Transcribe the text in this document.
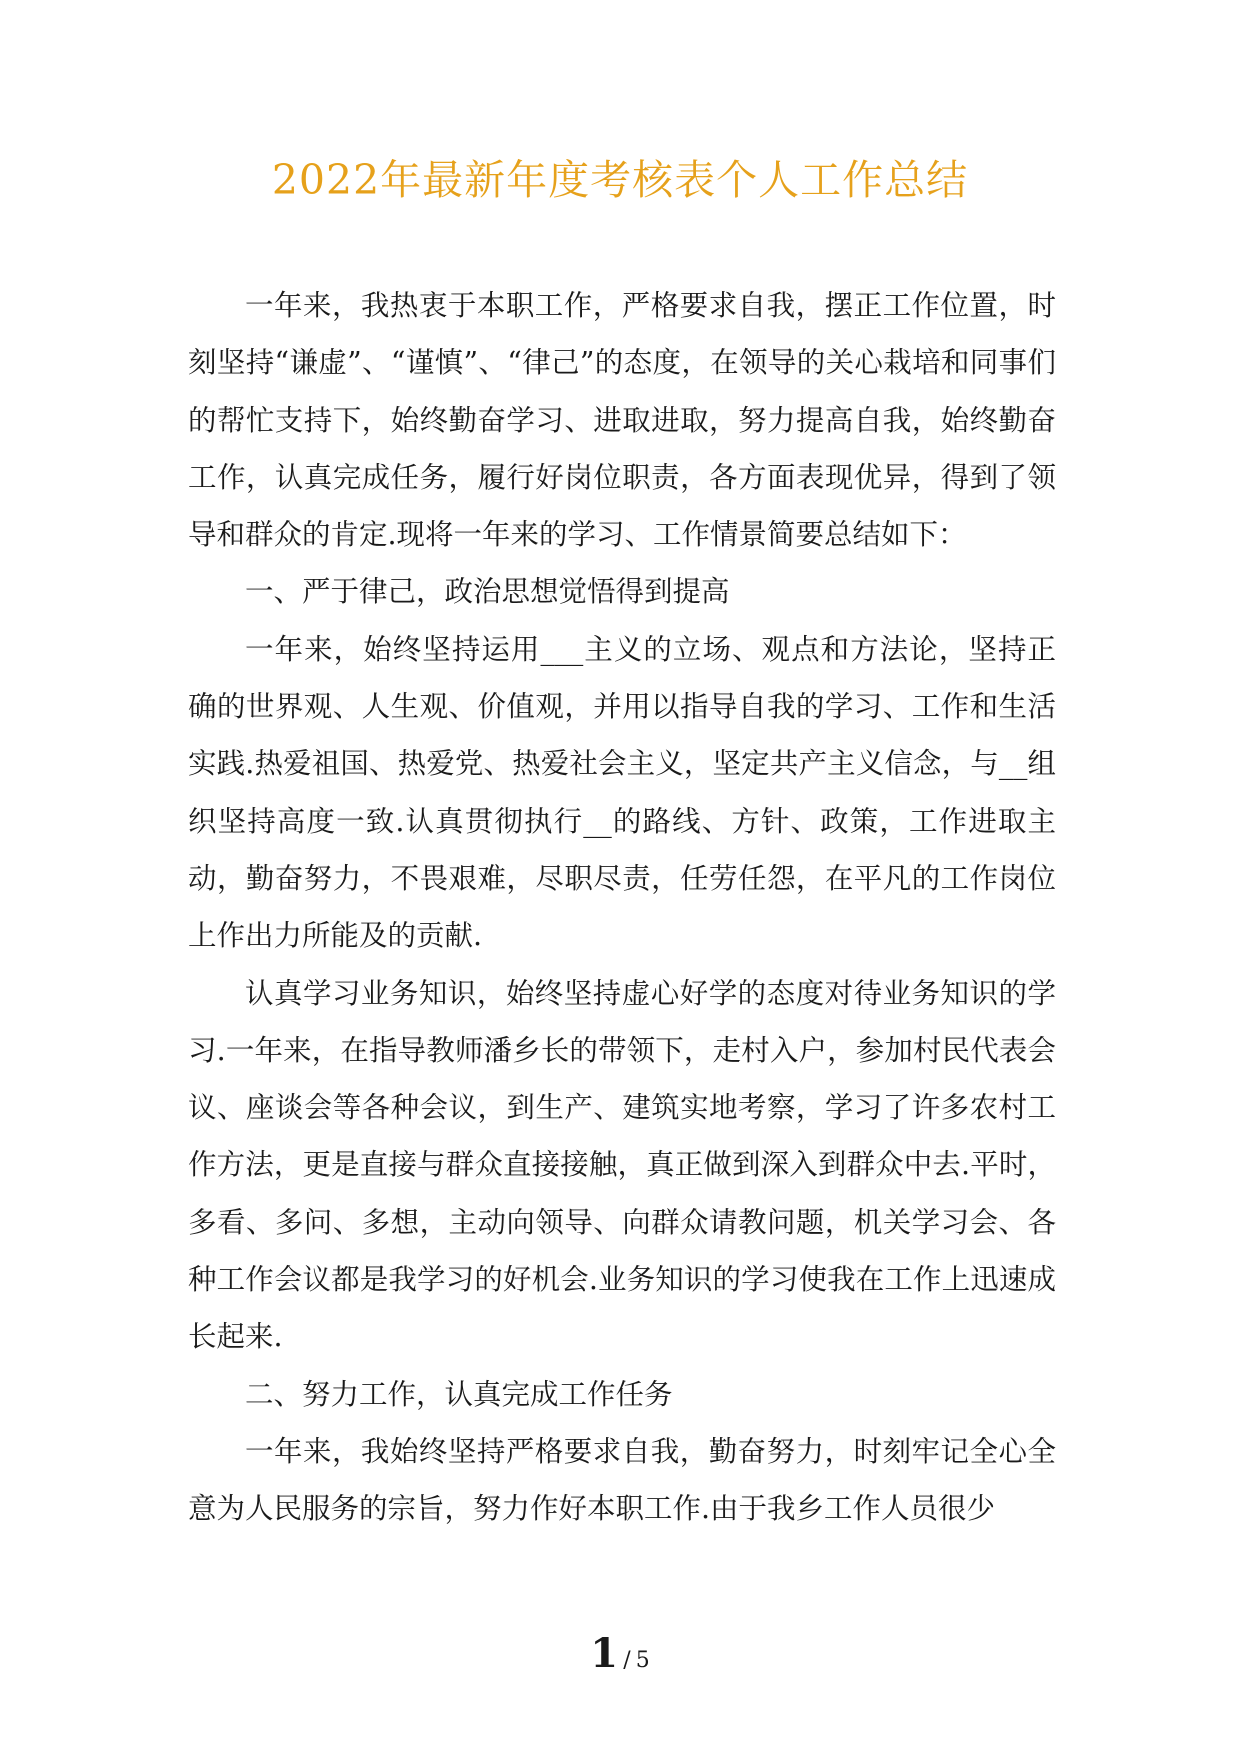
2022年最新年度考核表个人工作总结

一年来，我热衷于本职工作，严格要求自我，摆正工作位置，时刻坚持“谦虚”、“谨慎”、“律己”的态度，在领导的关心栽培和同事们的帮忙支持下，始终勤奋学习、进取进取，努力提高自我，始终勤奋工作，认真完成任务，履行好岗位职责，各方面表现优异，得到了领导和群众的肯定.现将一年来的学习、工作情景简要总结如下：

一、严于律己，政治思想觉悟得到提高

一年来，始终坚持运用___主义的立场、观点和方法论，坚持正确的世界观、人生观、价值观，并用以指导自我的学习、工作和生活实践.热爱祖国、热爱党、热爱社会主义，坚定共产主义信念，与__组织坚持高度一致.认真贯彻执行__的路线、方针、政策，工作进取主动，勤奋努力，不畏艰难，尽职尽责，任劳任怨，在平凡的工作岗位上作出力所能及的贡献.

认真学习业务知识，始终坚持虚心好学的态度对待业务知识的学习.一年来，在指导教师潘乡长的带领下，走村入户，参加村民代表会议、座谈会等各种会议，到生产、建筑实地考察，学习了许多农村工作方法，更是直接与群众直接接触，真正做到深入到群众中去.平时，多看、多问、多想，主动向领导、向群众请教问题，机关学习会、各种工作会议都是我学习的好机会.业务知识的学习使我在工作上迅速成长起来.

二、努力工作，认真完成工作任务

一年来，我始终坚持严格要求自我，勤奋努力，时刻牢记全心全意为人民服务的宗旨，努力作好本职工作.由于我乡工作人员很少

1 / 5
